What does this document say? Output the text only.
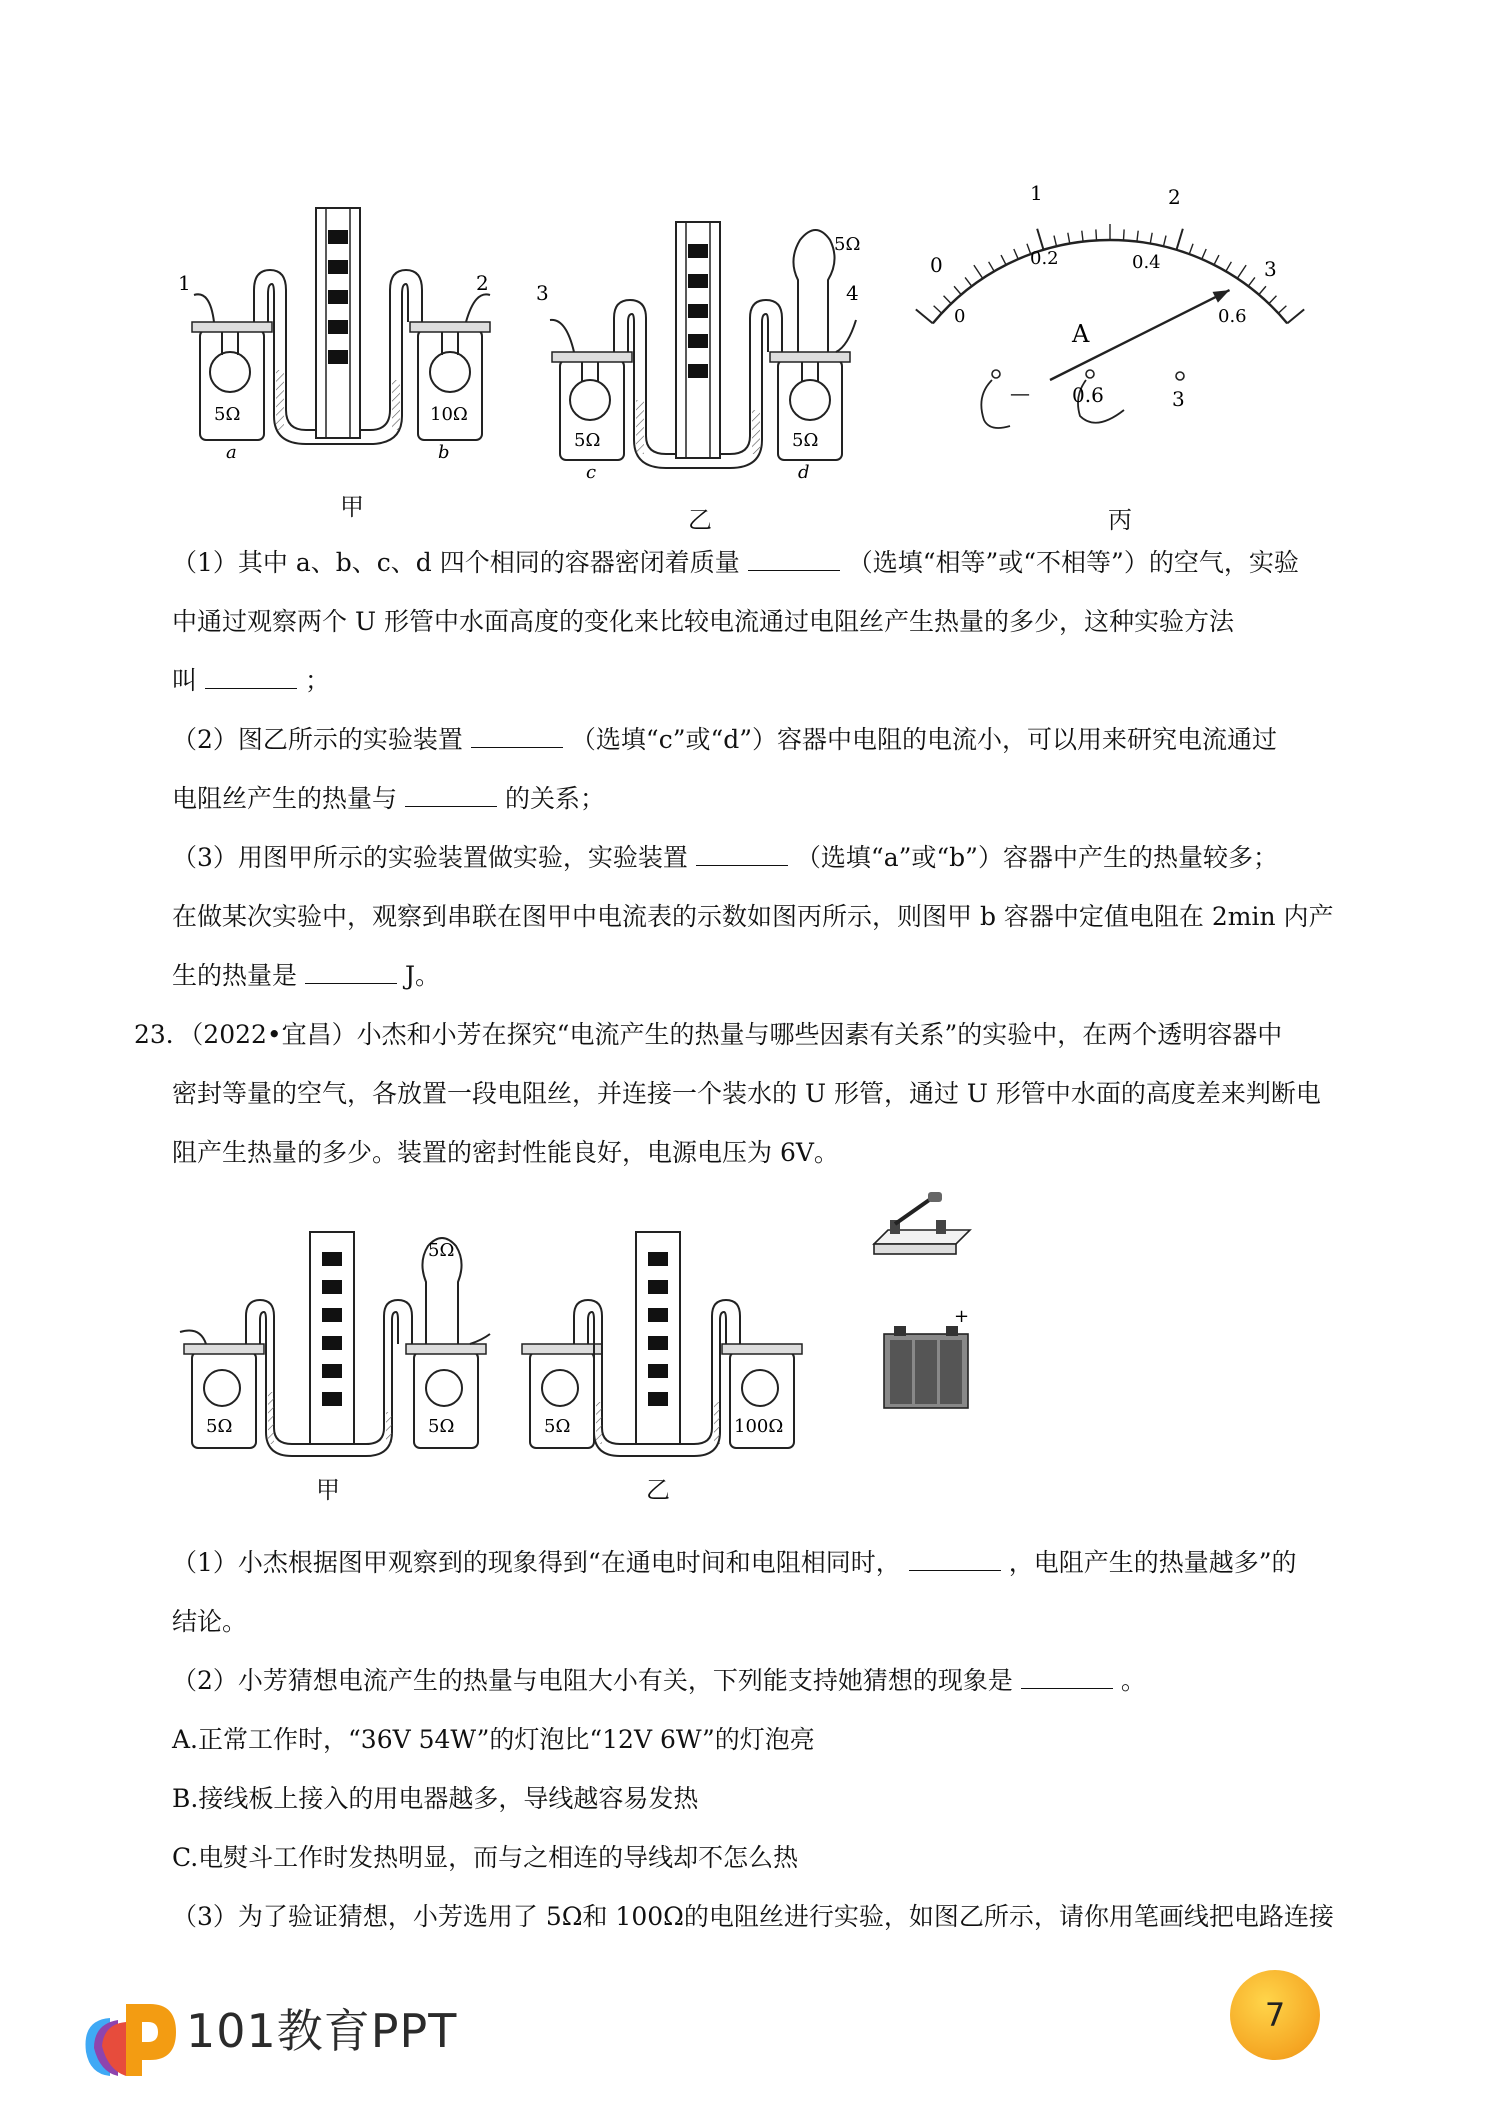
1	2
5Ω	10Ω
a	b
甲
3	4
5Ω
5Ω	5Ω
c	d
乙
0
1	2
3
0
0.2	0.4
0.6
A
— 0.6	3
丙

（1）其中 a、b、c、d 四个相同的容器密闭着质量	（选填“相等”或“不相等”）的空气，实验
中通过观察两个 U 形管中水面高度的变化来比较电流通过电阻丝产生热量的多少，这种实验方法
叫	；

（2）图乙所示的实验装置	（选填“c”或“d”）容器中电阻的电流小，可以用来研究电流通过
电阻丝产生的热量与	的关系；

（3）用图甲所示的实验装置做实验，实验装置	（选填“a”或“b”）容器中产生的热量较多；
在做某次实验中，观察到串联在图甲中电流表的示数如图丙所示，则图甲 b 容器中定值电阻在 2min 内产
生的热量是	J。

23．（2022•宜昌）小杰和小芳在探究“电流产生的热量与哪些因素有关系”的实验中，在两个透明容器中
密封等量的空气，各放置一段电阻丝，并连接一个装水的 U 形管，通过 U 形管中水面的高度差来判断电
阻产生热量的多少。装置的密封性能良好，电源电压为 6V。

5Ω
5Ω	5Ω
甲
5Ω	100Ω
乙
+

（1）小杰根据图甲观察到的现象得到“在通电时间和电阻相同时，	，电阻产生的热量越多”的
结论。

（2）小芳猜想电流产生的热量与电阻大小有关，下列能支持她猜想的现象是	。
A.正常工作时，“36V 54W”的灯泡比“12V 6W”的灯泡亮
B.接线板上接入的用电器越多，导线越容易发热
C.电熨斗工作时发热明显，而与之相连的导线却不怎么热
（3）为了验证猜想，小芳选用了 5Ω和 100Ω的电阻丝进行实验，如图乙所示，请你用笔画线把电路连接

101教育PPT	7
